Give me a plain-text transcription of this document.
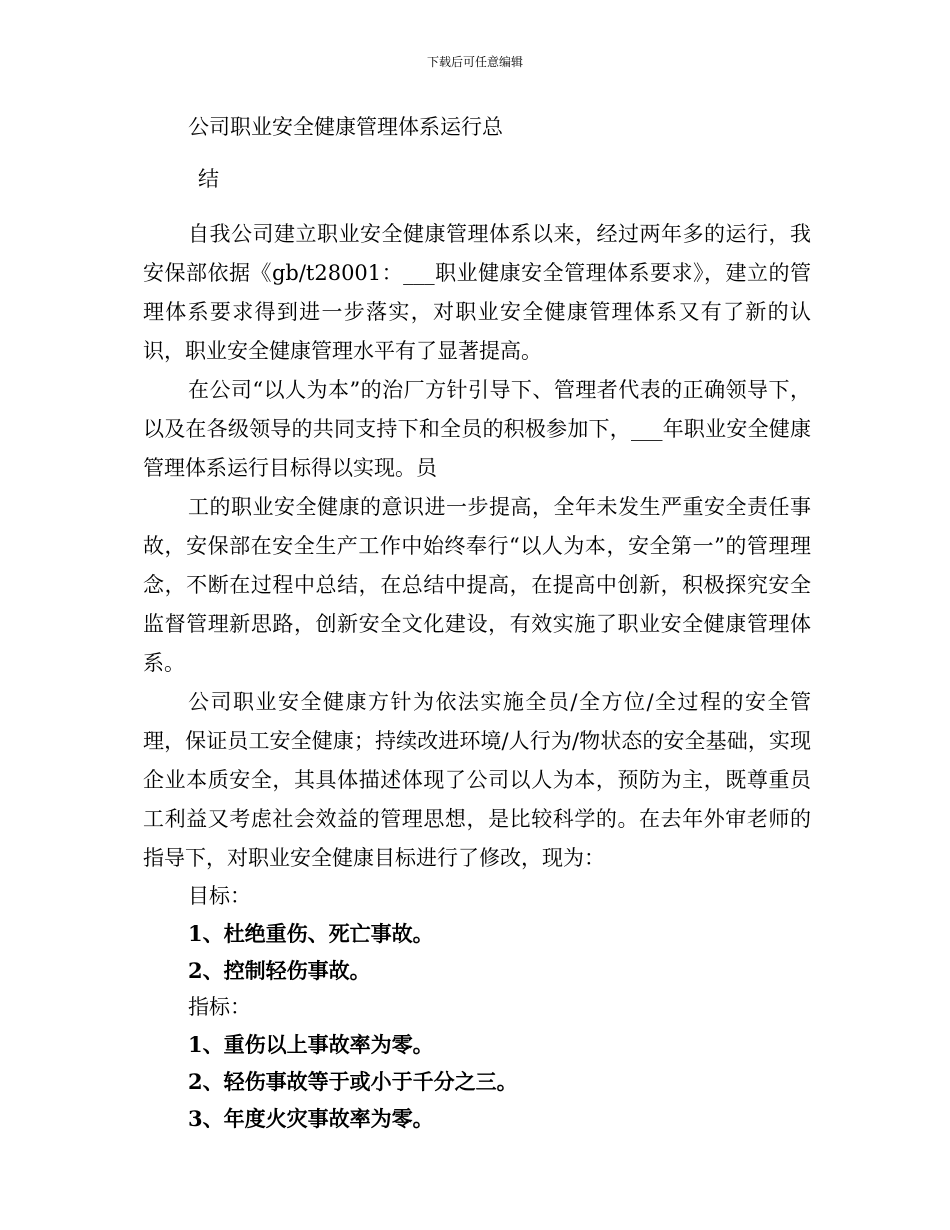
下载后可任意编辑

公司职业安全健康管理体系运行总

结

自我公司建立职业安全健康管理体系以来，经过两年多的运行，我安保部依据《gb/t28001：___职业健康安全管理体系要求》，建立的管理体系要求得到进一步落实，对职业安全健康管理体系又有了新的认识，职业安全健康管理水平有了显著提高。

在公司“以人为本”的治厂方针引导下、管理者代表的正确领导下，以及在各级领导的共同支持下和全员的积极参加下，___年职业安全健康管理体系运行目标得以实现。员

工的职业安全健康的意识进一步提高，全年未发生严重安全责任事故，安保部在安全生产工作中始终奉行“以人为本，安全第一”的管理理念，不断在过程中总结，在总结中提高，在提高中创新，积极探究安全监督管理新思路，创新安全文化建设，有效实施了职业安全健康管理体系。

公司职业安全健康方针为依法实施全员/全方位/全过程的安全管理，保证员工安全健康；持续改进环境/人行为/物状态的安全基础，实现企业本质安全，其具体描述体现了公司以人为本，预防为主，既尊重员工利益又考虑社会效益的管理思想，是比较科学的。在去年外审老师的指导下，对职业安全健康目标进行了修改，现为：

目标：

1、杜绝重伤、死亡事故。

2、控制轻伤事故。

指标：

1、重伤以上事故率为零。

2、轻伤事故等于或小于千分之三。

3、年度火灾事故率为零。
